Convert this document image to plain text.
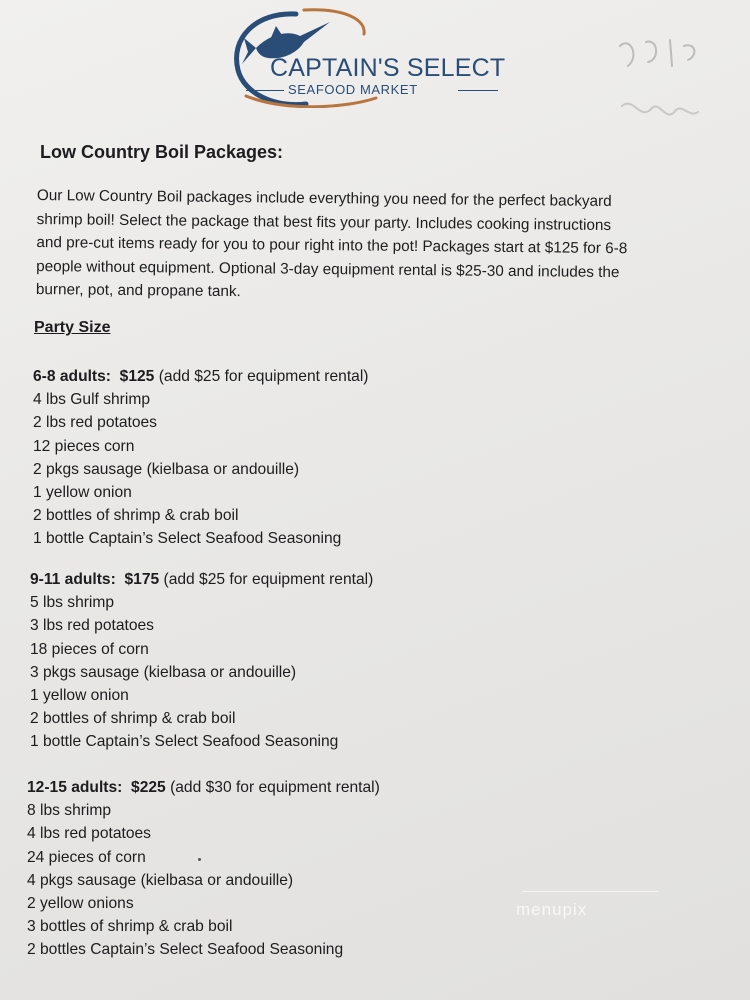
CAPTAIN'S SELECT
SEAFOOD MARKET
Low Country Boil Packages:
Our Low Country Boil packages include everything you need for the perfect backyard
shrimp boil! Select the package that best fits your party. Includes cooking instructions
and pre-cut items ready for you to pour right into the pot! Packages start at $125 for 6-8
people without equipment. Optional 3-day equipment rental is $25-30 and includes the
burner, pot, and propane tank.
Party Size
6-8 adults: $125 (add $25 for equipment rental)
4 lbs Gulf shrimp
2 lbs red potatoes
12 pieces corn
2 pkgs sausage (kielbasa or andouille)
1 yellow onion
2 bottles of shrimp & crab boil
1 bottle Captain’s Select Seafood Seasoning
9-11 adults: $175 (add $25 for equipment rental)
5 lbs shrimp
3 lbs red potatoes
18 pieces of corn
3 pkgs sausage (kielbasa or andouille)
1 yellow onion
2 bottles of shrimp & crab boil
1 bottle Captain’s Select Seafood Seasoning
12-15 adults: $225 (add $30 for equipment rental)
8 lbs shrimp
4 lbs red potatoes
24 pieces of corn
4 pkgs sausage (kielbasa or andouille)
2 yellow onions
3 bottles of shrimp & crab boil
2 bottles Captain’s Select Seafood Seasoning
menupix
